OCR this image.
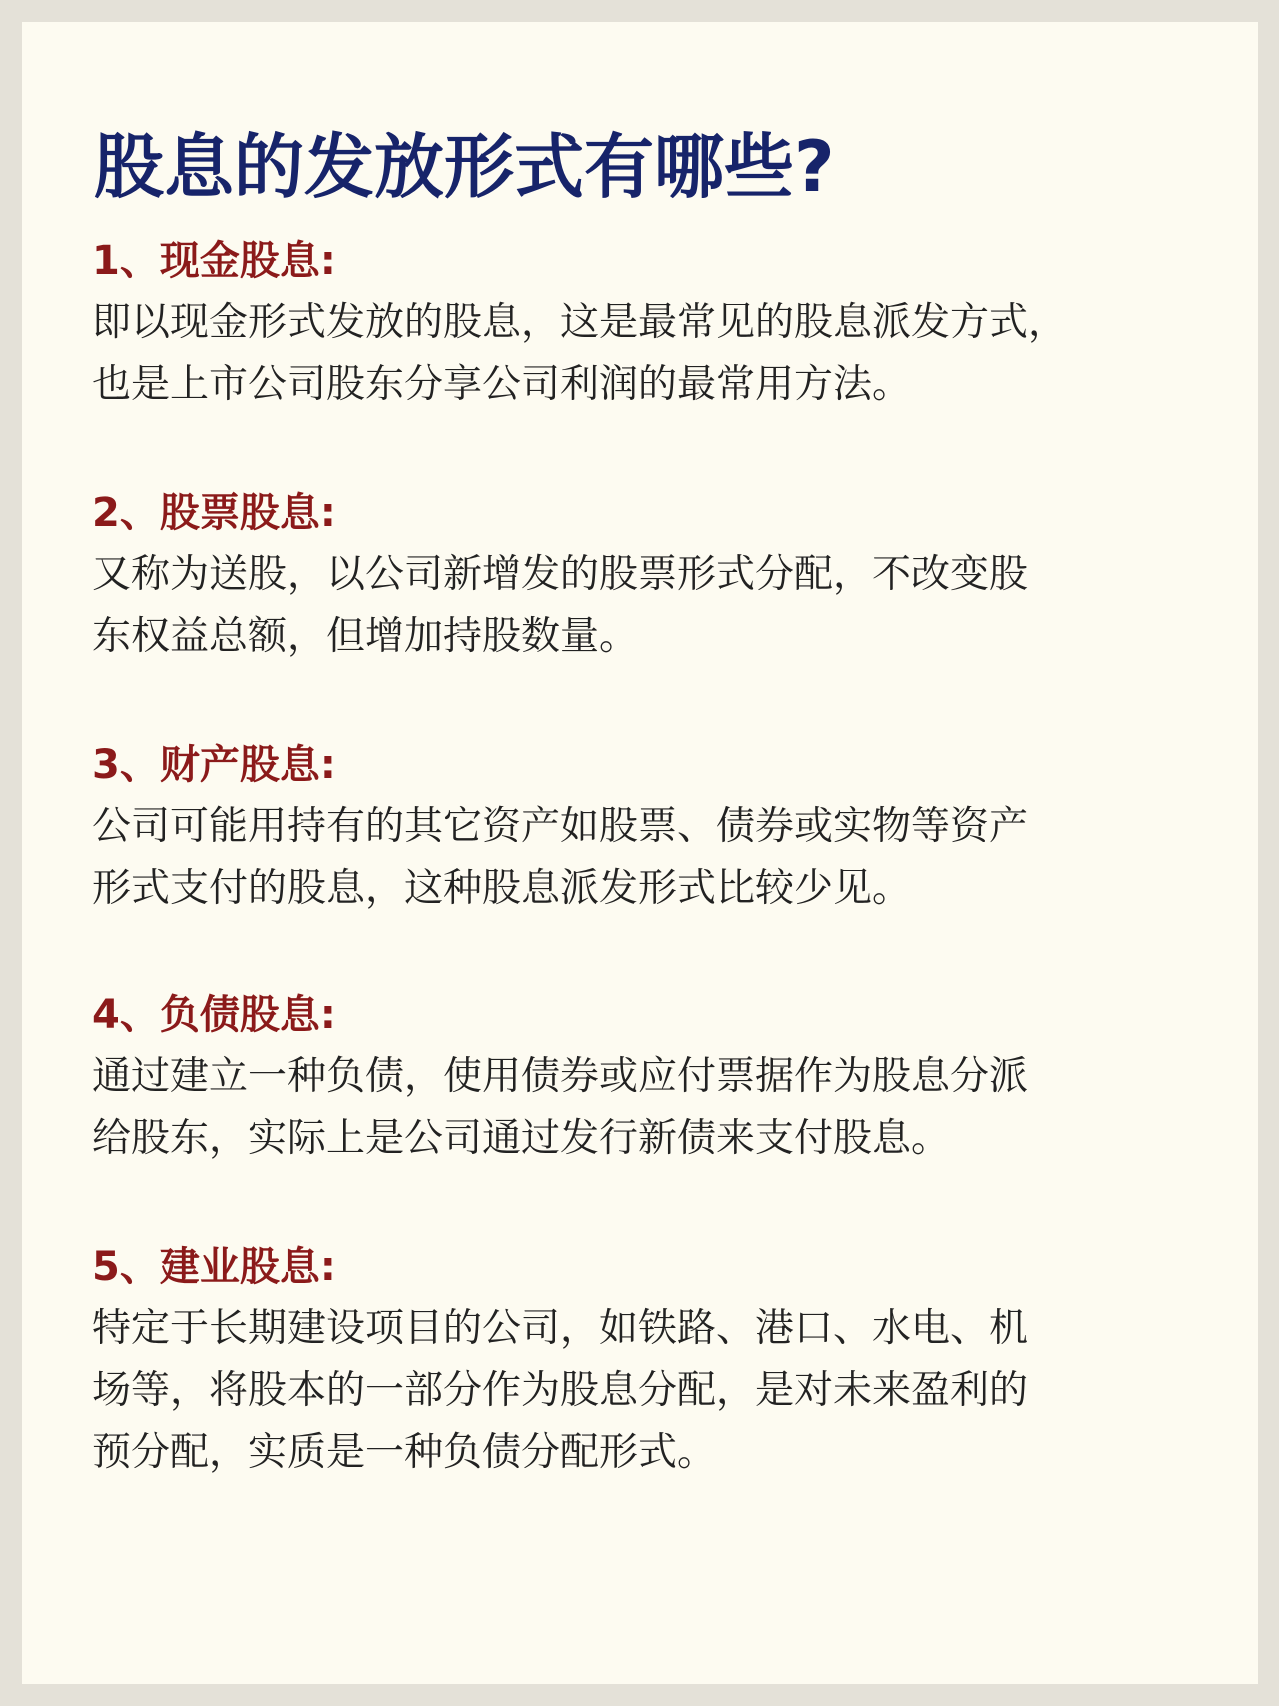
股息的发放形式有哪些?
1、现金股息:

即以现金形式发放的股息，这是最常见的股息派发方式，
也是上市公司股东分享公司利润的最常用方法。

2、股票股息:

又称为送股，以公司新增发的股票形式分配，不改变股
东权益总额，但增加持股数量。

3、财产股息:

公司可能用持有的其它资产如股票、债券或实物等资产
形式支付的股息，这种股息派发形式比较少见。

4、负债股息:

通过建立一种负债，使用债券或应付票据作为股息分派
给股东，实际上是公司通过发行新债来支付股息。

5、建业股息:

特定于长期建设项目的公司，如铁路、港口、水电、机
场等，将股本的一部分作为股息分配，是对未来盈利的
预分配，实质是一种负债分配形式。
